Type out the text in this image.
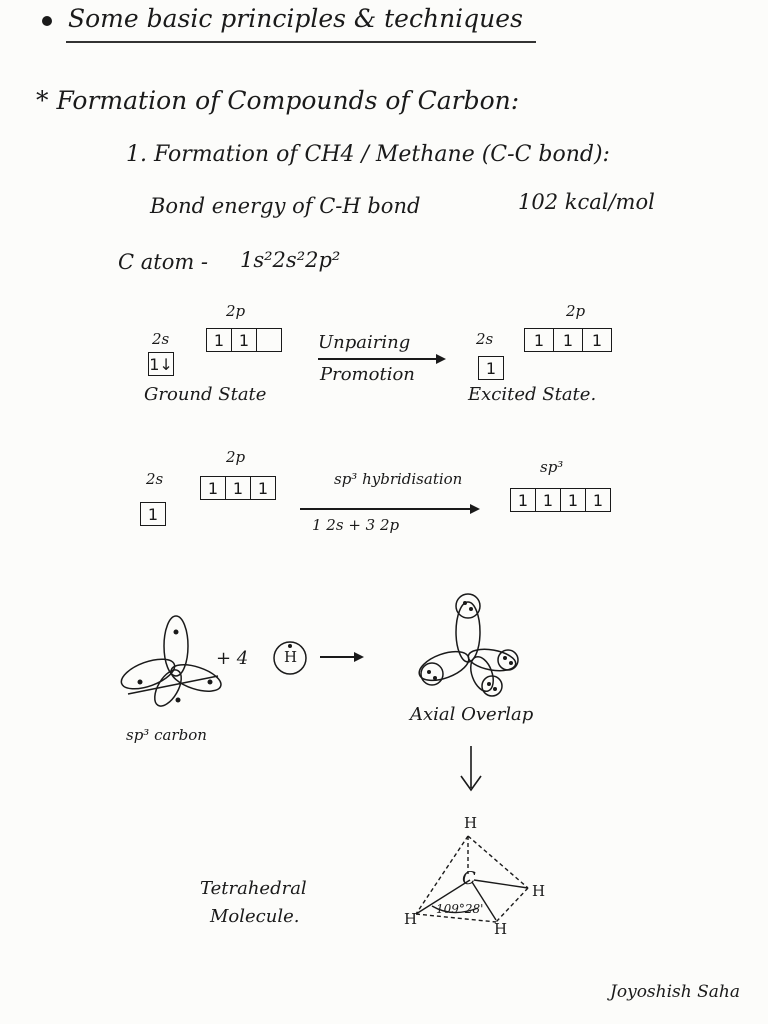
Some basic principles & techniques
* Formation of Compounds of Carbon:
1. Formation of CH4 / Methane (C-C bond):
Bond energy of C-H bond	102 kcal/mol
C atom - 1s²2s²2p²
2s
2p
1↓
1 1
Ground State
Unpairing
Promotion
2s
2p
1
1	1	1
Excited State.
2s
2p
1
1 1 1	sp³ hybridisation
1 2s + 3 2p
sp³
1 1 1 1
sp³ carbon
+ 4 H
Axial Overlap
Tetrahedral
Molecule.
H
C
H
H
H
109°28'
Joyoshish Saha
